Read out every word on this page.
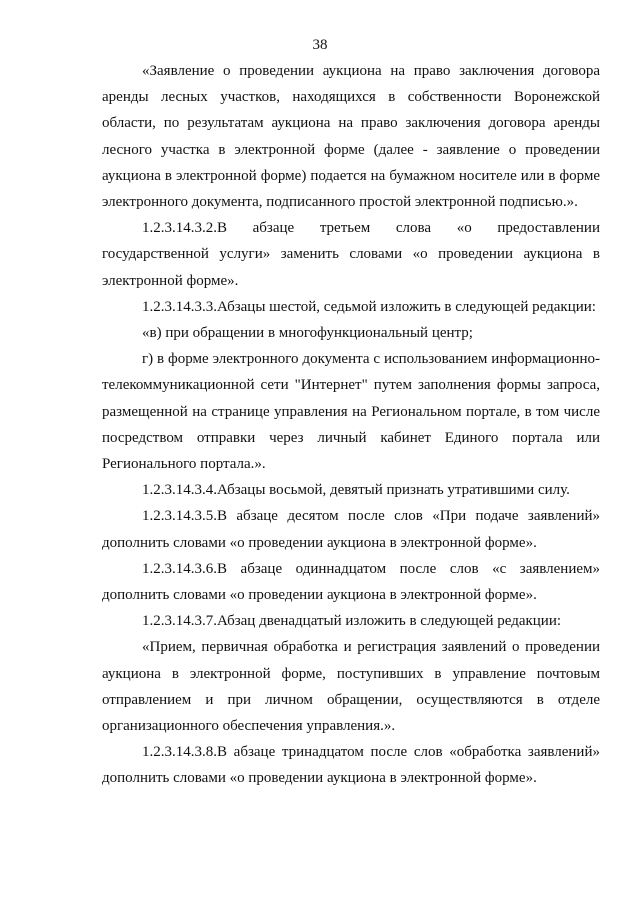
38

«Заявление о проведении аукциона на право заключения договора аренды лесных участков, находящихся в собственности Воронежской области, по результатам аукциона на право заключения договора аренды лесного участка в электронной форме (далее - заявление о проведении аукциона в электронной форме) подается на бумажном носителе или в форме электронного документа, подписанного простой электронной подписью.».

1.2.3.14.3.2.В абзаце третьем слова «о предоставлении государственной услуги» заменить словами «о проведении аукциона в электронной форме».

1.2.3.14.3.3.Абзацы шестой, седьмой изложить в следующей редакции:

«в) при обращении в многофункциональный центр;

г) в форме электронного документа с использованием информационно-телекоммуникационной сети "Интернет" путем заполнения формы запроса, размещенной на странице управления на Региональном портале, в том числе посредством отправки через личный кабинет Единого портала или Регионального портала.».

1.2.3.14.3.4.Абзацы восьмой, девятый признать утратившими силу.

1.2.3.14.3.5.В абзаце десятом после слов «При подаче заявлений» дополнить словами «о проведении аукциона в электронной форме».

1.2.3.14.3.6.В абзаце одиннадцатом после слов «с заявлением» дополнить словами «о проведении аукциона в электронной форме».

1.2.3.14.3.7.Абзац двенадцатый изложить в следующей редакции:

«Прием, первичная обработка и регистрация заявлений о проведении аукциона в электронной форме, поступивших в управление почтовым отправлением и при личном обращении, осуществляются в отделе организационного обеспечения управления.».

1.2.3.14.3.8.В абзаце тринадцатом после слов «обработка заявлений» дополнить словами «о проведении аукциона в электронной форме».
